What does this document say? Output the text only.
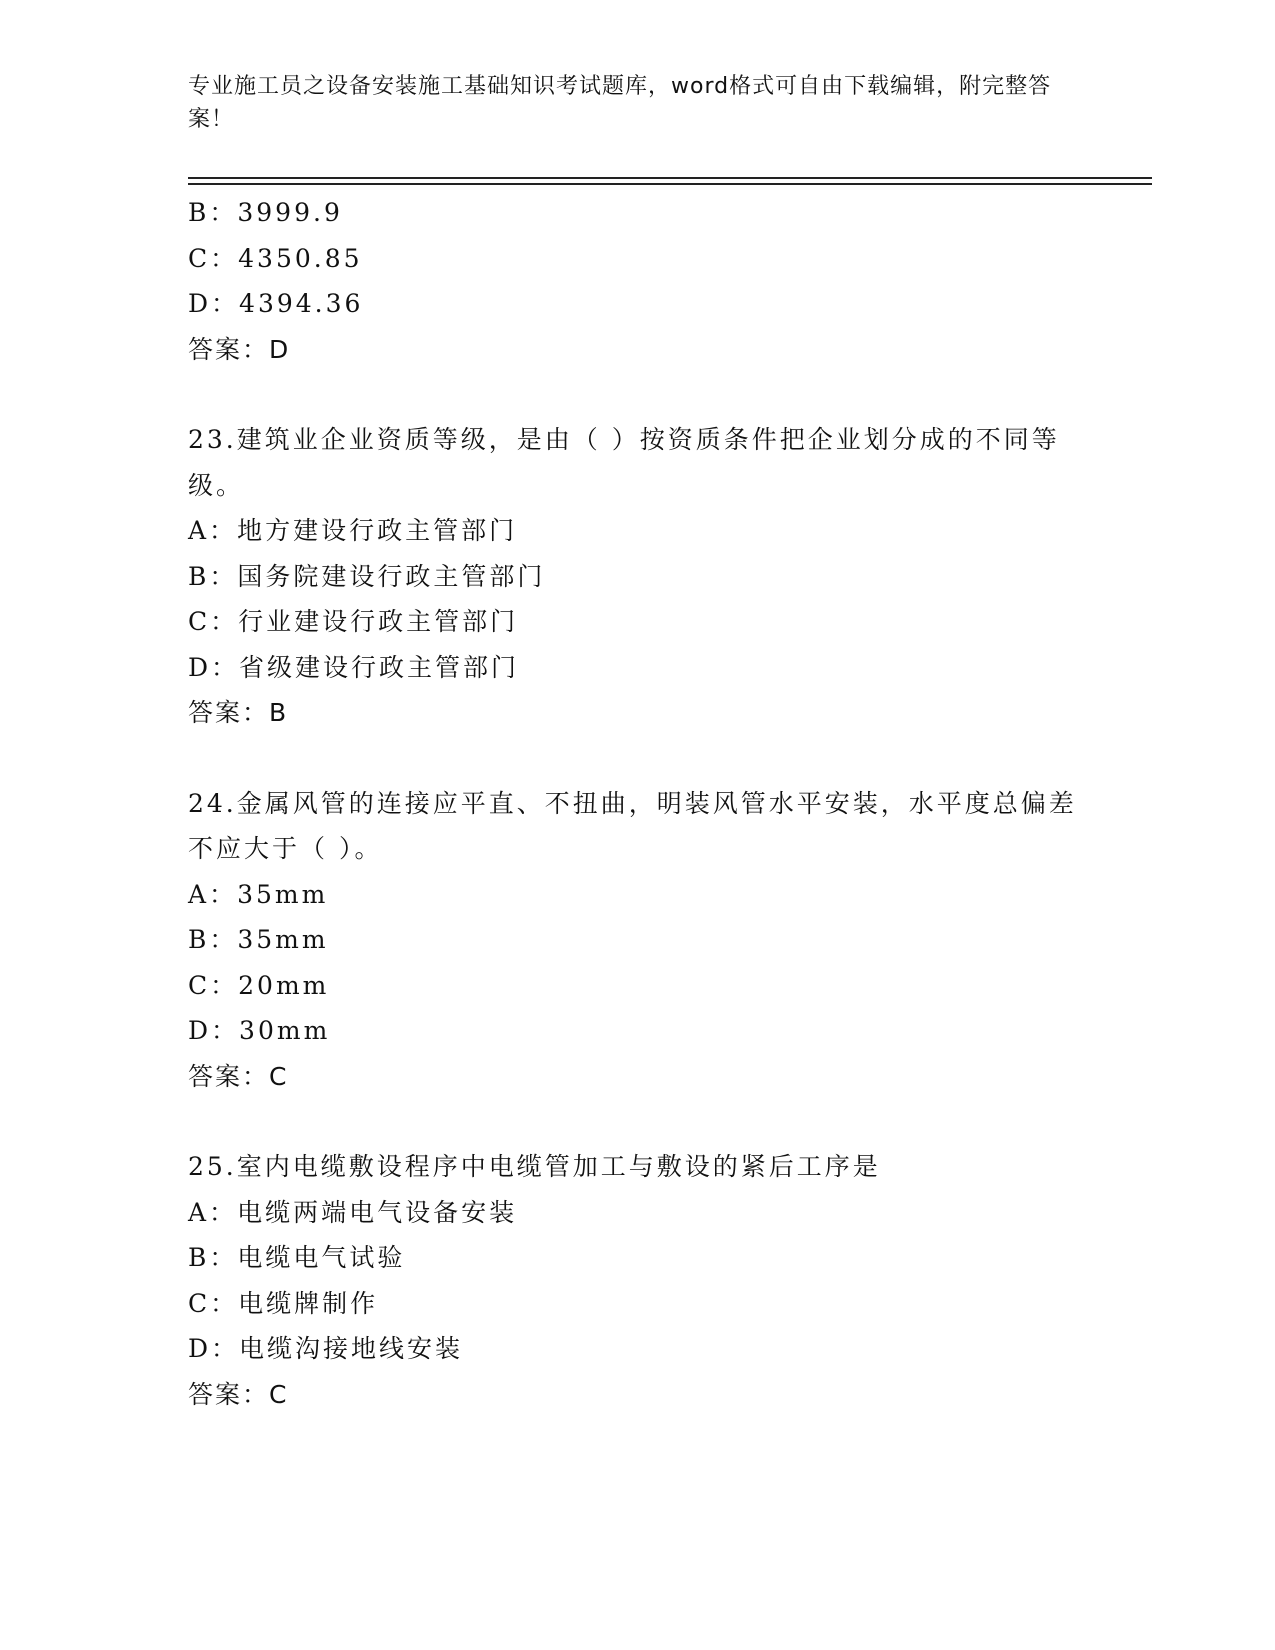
专业施工员之设备安装施工基础知识考试题库，word格式可自由下载编辑，附完整答案！
B：3999.9
C：4350.85
D：4394.36
答案：D
23.建筑业企业资质等级，是由（ ）按资质条件把企业划分成的不同等级。
A：地方建设行政主管部门
B：国务院建设行政主管部门
C：行业建设行政主管部门
D：省级建设行政主管部门
答案：B
24.金属风管的连接应平直、不扭曲，明装风管水平安装，水平度总偏差不应大于（ ）。
A：35mm
B：35mm
C：20mm
D：30mm
答案：C
25.室内电缆敷设程序中电缆管加工与敷设的紧后工序是
A：电缆两端电气设备安装
B：电缆电气试验
C：电缆牌制作
D：电缆沟接地线安装
答案：C
